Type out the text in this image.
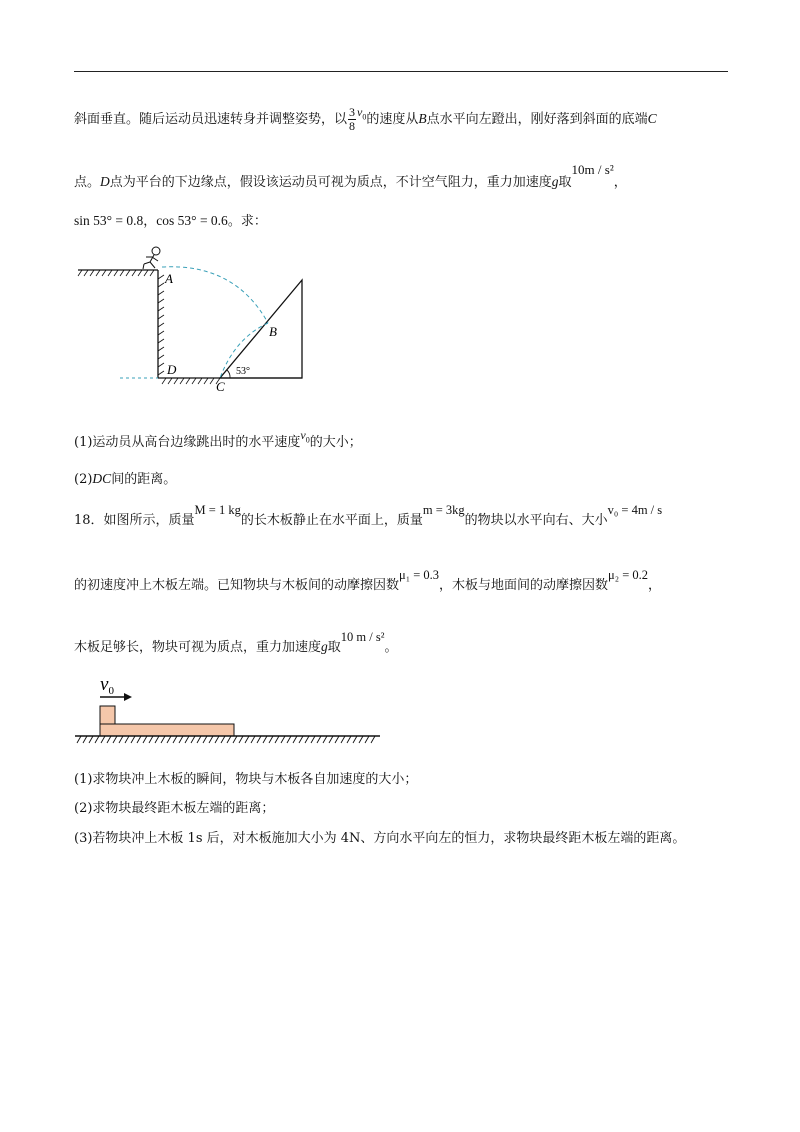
斜面垂直。随后运动员迅速转身并调整姿势，以 $\frac{3}{8} v_0$的速度从B点水平向左蹬出，刚好落到斜面的底端C
点。D点为平台的下边缘点，假设该运动员可视为质点，不计空气阻力，重力加速度g取10m / s²，
sin 53° = 0.8，cos 53° = 0.6。求：
A
B
C
D	53°
(1)运动员从高台边缘跳出时的水平速度$v_0$的大小；
(2)DC间的距离。
18．如图所示，质量M = 1 kg的长木板静止在水平面上，质量m = 3kg的物块以水平向右、大小v₀ = 4m / s
的初速度冲上木板左端。已知物块与木板间的动摩擦因数μ₁ = 0.3，木板与地面间的动摩擦因数μ₂ = 0.2，
木板足够长，物块可视为质点，重力加速度g取10 m / s²。
$v_0$
(1)求物块冲上木板的瞬间，物块与木板各自加速度的大小；
(2)求物块最终距木板左端的距离；
(3)若物块冲上木板 1s 后，对木板施加大小为 4N、方向水平向左的恒力，求物块最终距木板左端的距离。
